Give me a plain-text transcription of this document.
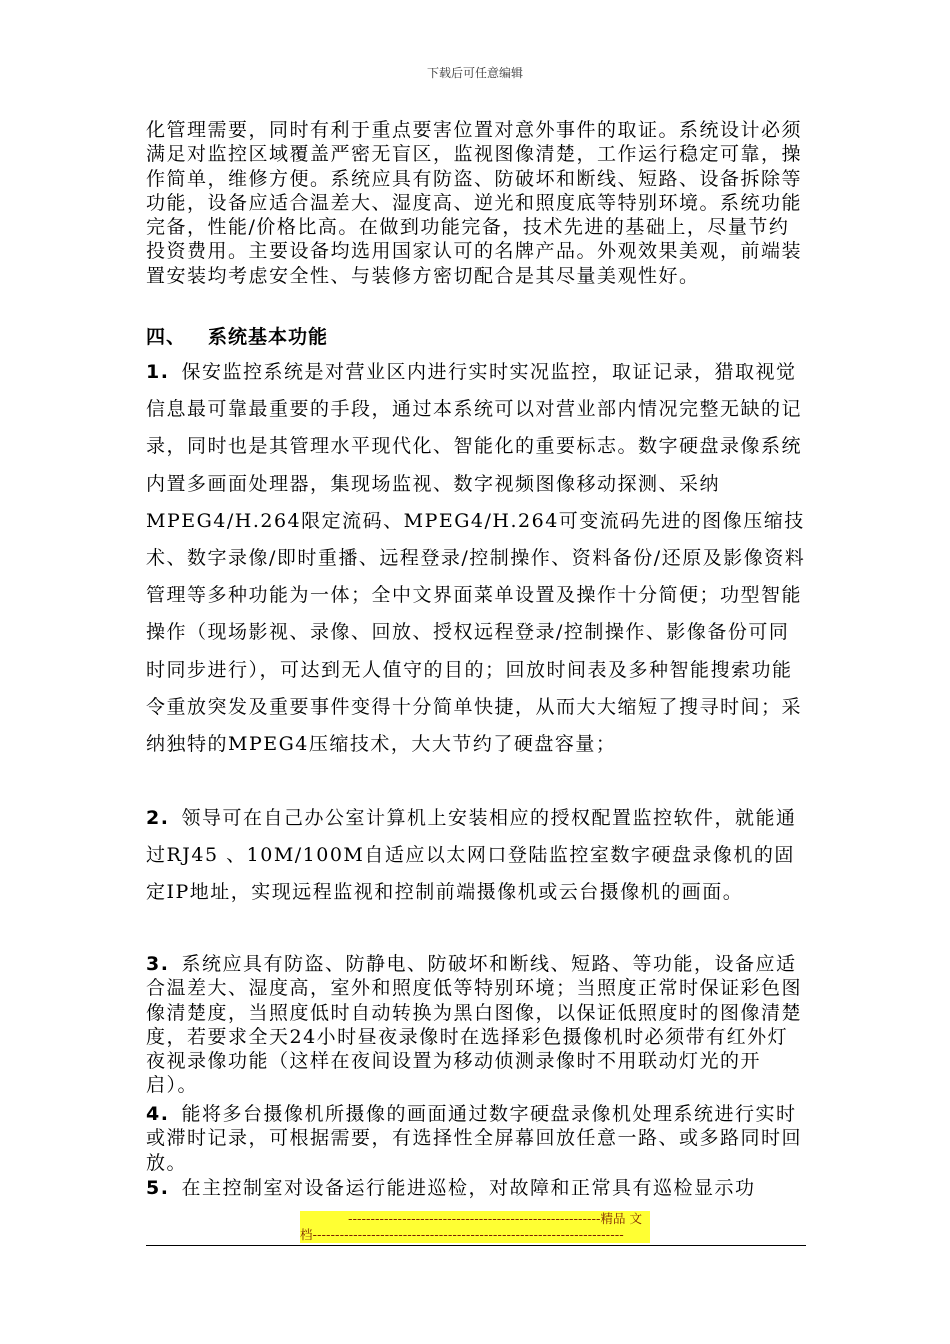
下载后可任意编辑

化管理需要，同时有利于重点要害位置对意外事件的取证。系统设计必须满足对监控区域覆盖严密无盲区，监视图像清楚，工作运行稳定可靠，操作简单，维修方便。系统应具有防盗、防破坏和断线、短路、设备拆除等功能，设备应适合温差大、湿度高、逆光和照度底等特别环境。系统功能完备，性能/价格比高。在做到功能完备，技术先进的基础上，尽量节约投资费用。主要设备均选用国家认可的名牌产品。外观效果美观，前端装置安装均考虑安全性、与装修方密切配合是其尽量美观性好。

四、 系统基本功能

1. 保安监控系统是对营业区内进行实时实况监控，取证记录，猎取视觉信息最可靠最重要的手段，通过本系统可以对营业部内情况完整无缺的记录，同时也是其管理水平现代化、智能化的重要标志。数字硬盘录像系统内置多画面处理器，集现场监视、数字视频图像移动探测、采纳MPEG4/H.264限定流码、MPEG4/H.264可变流码先进的图像压缩技术、数字录像/即时重播、远程登录/控制操作、资料备份/还原及影像资料管理等多种功能为一体；全中文界面菜单设置及操作十分简便；功型智能操作（现场影视、录像、回放、授权远程登录/控制操作、影像备份可同时同步进行），可达到无人值守的目的；回放时间表及多种智能搜索功能令重放突发及重要事件变得十分简单快捷，从而大大缩短了搜寻时间；采纳独特的MPEG4压缩技术，大大节约了硬盘容量；

2. 领导可在自己办公室计算机上安装相应的授权配置监控软件，就能通过RJ45 、10M/100M自适应以太网口登陆监控室数字硬盘录像机的固定IP地址，实现远程监视和控制前端摄像机或云台摄像机的画面。

3. 系统应具有防盗、防静电、防破坏和断线、短路、等功能，设备应适合温差大、湿度高，室外和照度低等特别环境；当照度正常时保证彩色图像清楚度，当照度低时自动转换为黑白图像，以保证低照度时的图像清楚度，若要求全天24小时昼夜录像时在选择彩色摄像机时必须带有红外灯夜视录像功能（这样在夜间设置为移动侦测录像时不用联动灯光的开启）。

4. 能将多台摄像机所摄像的画面通过数字硬盘录像机处理系统进行实时或滞时记录，可根据需要，有选择性全屏幕回放任意一路、或多路同时回放。

5. 在主控制室对设备运行能进巡检，对故障和正常具有巡检显示功

--------------------------------------------------------精品 文
档---------------------------------------------------------------------
